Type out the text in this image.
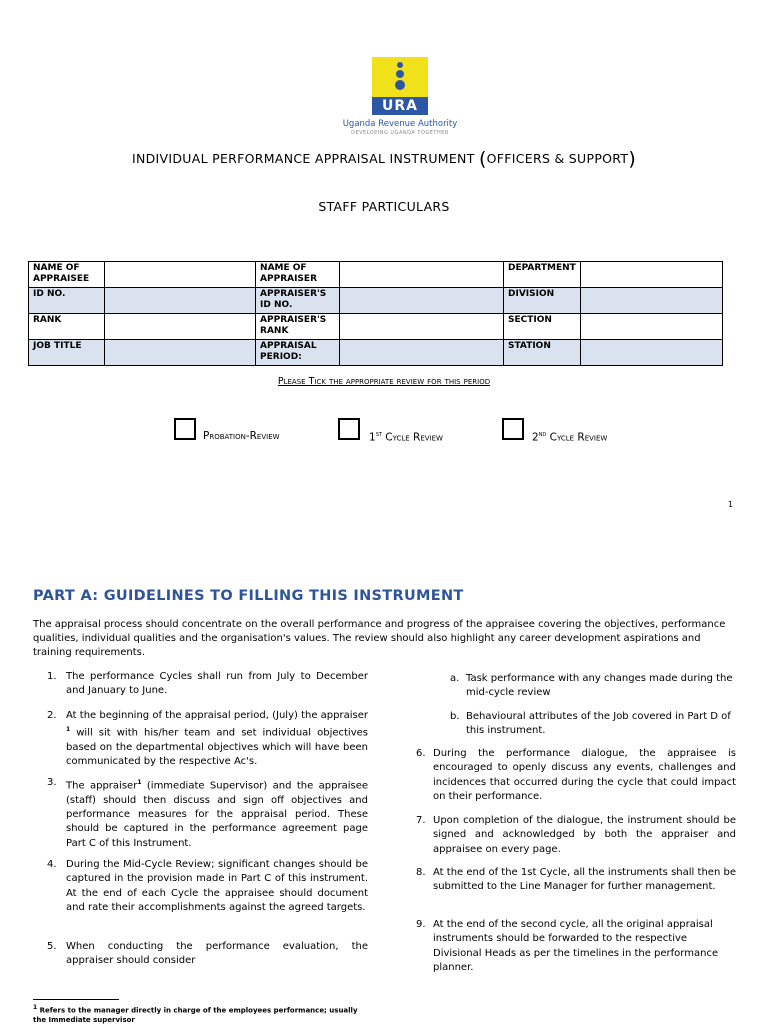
URA
Uganda Revenue Authority
DEVELOPING UGANDA TOGETHER
INDIVIDUAL PERFORMANCE APPRAISAL INSTRUMENT (OFFICERS & SUPPORT)
STAFF PARTICULARS
NAME OF APPRAISEE		NAME OF APPRAISER		DEPARTMENT	
ID NO.		APPRAISER'S ID NO.		DIVISION	
RANK		APPRAISER'S RANK		SECTION	
JOB TITLE		APPRAISAL PERIOD:		STATION	
Please Tick the appropriate review for this period
Probation-Review	1st Cycle Review	2nd Cycle Review
1
PART A: GUIDELINES TO FILLING THIS INSTRUMENT
The appraisal process should concentrate on the overall performance and progress of the appraisee covering the objectives, performance qualities, individual qualities and the organisation's values. The review should also highlight any career development aspirations and training requirements.
1. The performance Cycles shall run from July to December and January to June.
2. At the beginning of the appraisal period, (July) the appraiser $^1$ will sit with his/her team and set individual objectives based on the departmental objectives which will have been communicated by the respective Ac's.
3. The appraiser$^1$ (immediate Supervisor) and the appraisee (staff) should then discuss and sign off objectives and performance measures for the appraisal period. These should be captured in the performance agreement page Part C of this Instrument.
4. During the Mid-Cycle Review; significant changes should be captured in the provision made in Part C of this instrument. At the end of each Cycle the appraisee should document and rate their accomplishments against the agreed targets.
5. When conducting the performance evaluation, the appraiser should consider
a. Task performance with any changes made during the mid-cycle review
b. Behavioural attributes of the Job covered in Part D of this instrument.
6. During the performance dialogue, the appraisee is encouraged to openly discuss any events, challenges and incidences that occurred during the cycle that could impact on their performance.
7. Upon completion of the dialogue, the instrument should be signed and acknowledged by both the appraiser and appraisee on every page.
8. At the end of the 1st Cycle, all the instruments shall then be submitted to the Line Manager for further management.
9. At the end of the second cycle, all the original appraisal instruments should be forwarded to the respective Divisional Heads as per the timelines in the performance planner.
$^1$ Refers to the manager directly in charge of the employees performance; usually the Immediate supervisor
